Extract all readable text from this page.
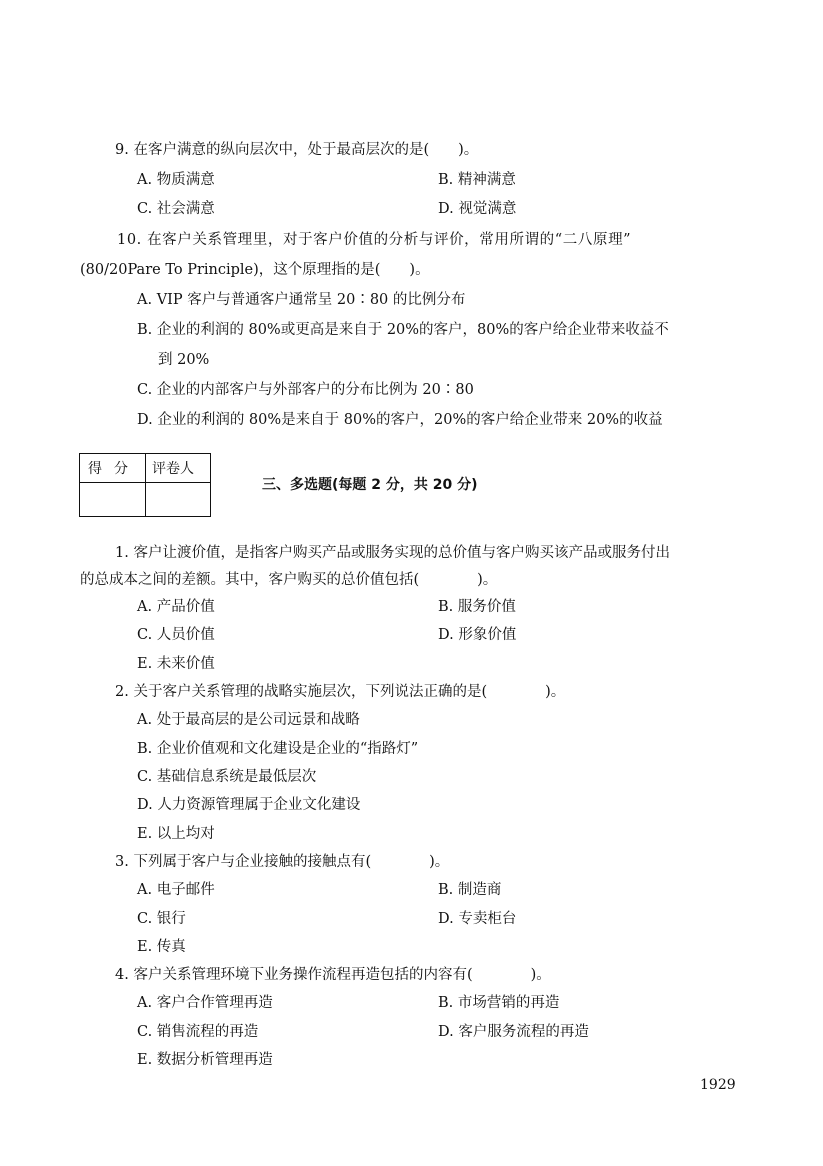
9. 在客户满意的纵向层次中，处于最高层次的是(　　)。
A. 物质满意	B. 精神满意
C. 社会满意	D. 视觉满意
10. 在客户关系管理里，对于客户价值的分析与评价，常用所谓的“二八原理”
(80/20Pare To Principle)，这个原理指的是(　　)。
A. VIP 客户与普通客户通常呈 20∶80 的比例分布
B. 企业的利润的 80%或更高是来自于 20%的客户，80%的客户给企业带来收益不
到 20%
C. 企业的内部客户与外部客户的分布比例为 20∶80
D. 企业的利润的 80%是来自于 80%的客户，20%的客户给企业带来 20%的收益
得分 评卷人
三、多选题(每题 2 分，共 20 分)
1. 客户让渡价值，是指客户购买产品或服务实现的总价值与客户购买该产品或服务付出
的总成本之间的差额。其中，客户购买的总价值包括(　　　　)。
A. 产品价值	B. 服务价值
C. 人员价值	D. 形象价值
E. 未来价值
2. 关于客户关系管理的战略实施层次，下列说法正确的是(　　　　)。
A. 处于最高层的是公司远景和战略
B. 企业价值观和文化建设是企业的“指路灯”
C. 基础信息系统是最低层次
D. 人力资源管理属于企业文化建设
E. 以上均对
3. 下列属于客户与企业接触的接触点有(　　　　)。
A. 电子邮件	B. 制造商
C. 银行	D. 专卖柜台
E. 传真
4. 客户关系管理环境下业务操作流程再造包括的内容有(　　　　)。
A. 客户合作管理再造	B. 市场营销的再造
C. 销售流程的再造	D. 客户服务流程的再造
E. 数据分析管理再造
1929
